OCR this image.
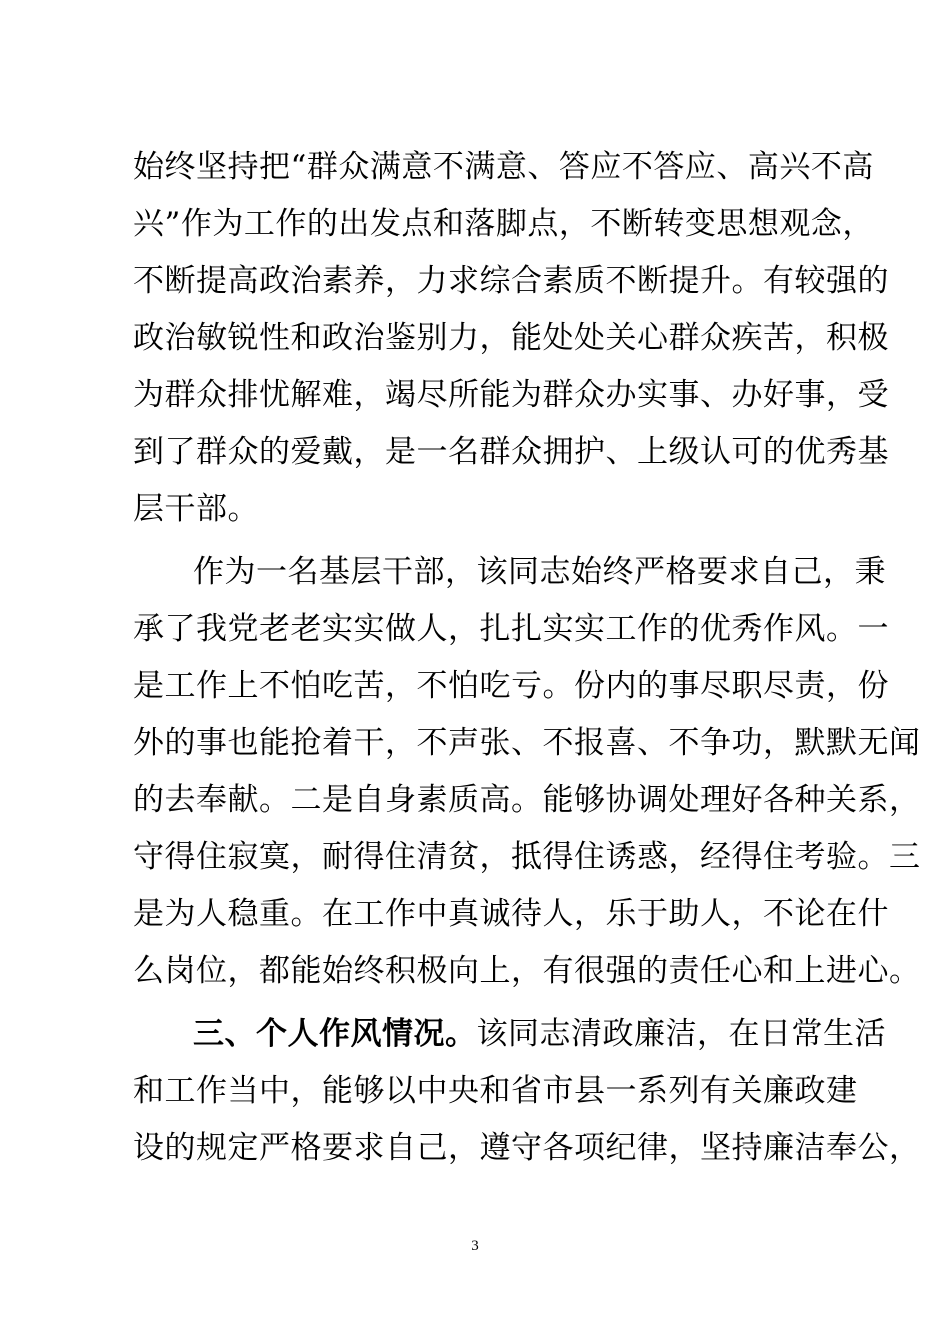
始终坚持把“群众满意不满意、答应不答应、高兴不高
兴”作为工作的出发点和落脚点，不断转变思想观念，
不断提高政治素养，力求综合素质不断提升。有较强的
政治敏锐性和政治鉴别力，能处处关心群众疾苦，积极
为群众排忧解难，竭尽所能为群众办实事、办好事，受
到了群众的爱戴，是一名群众拥护、上级认可的优秀基
层干部。
作为一名基层干部，该同志始终严格要求自己，秉
承了我党老老实实做人，扎扎实实工作的优秀作风。一
是工作上不怕吃苦，不怕吃亏。份内的事尽职尽责，份
外的事也能抢着干，不声张、不报喜、不争功，默默无闻
的去奉献。二是自身素质高。能够协调处理好各种关系，
守得住寂寞，耐得住清贫，抵得住诱惑，经得住考验。三
是为人稳重。在工作中真诚待人，乐于助人，不论在什
么岗位，都能始终积极向上，有很强的责任心和上进心。
三、个人作风情况。该同志清政廉洁，在日常生活
和工作当中，能够以中央和省市县一系列有关廉政建
设的规定严格要求自己，遵守各项纪律，坚持廉洁奉公，
3
